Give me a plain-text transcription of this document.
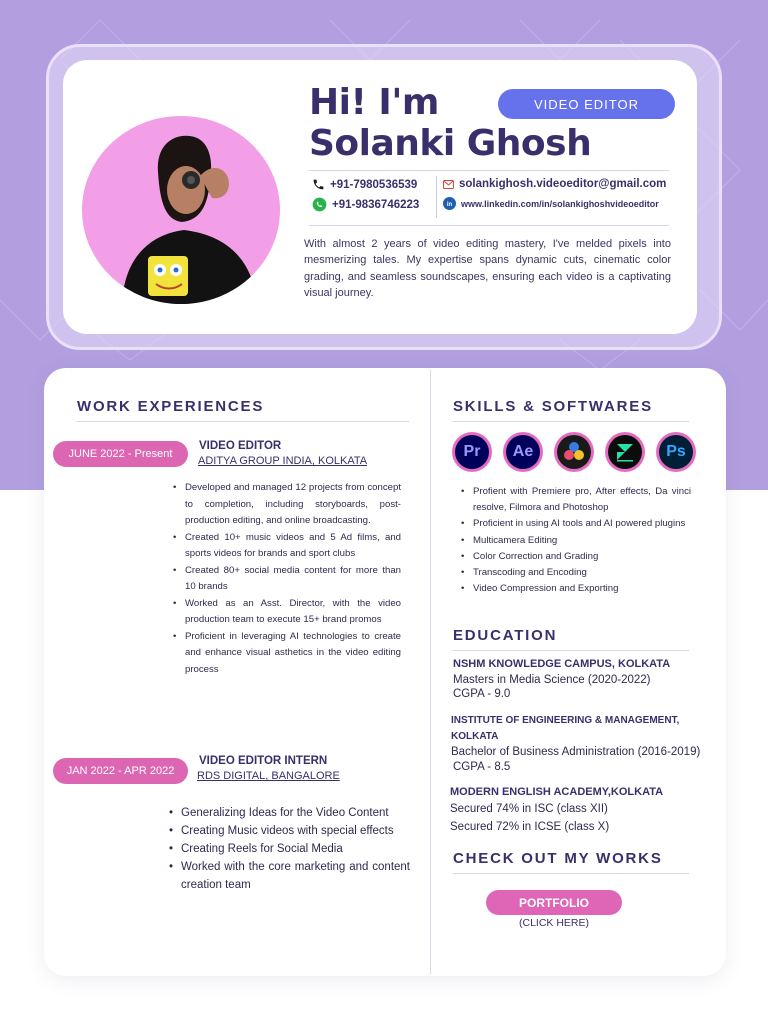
Hi! I'm
Solanki Ghosh
VIDEO EDITOR
+91-7980536539
+91-9836746223
solankighosh.videoeditor@gmail.com
in www.linkedin.com/in/solankighoshvideoeditor

With almost 2 years of video editing mastery, I've melded pixels into mesmerizing tales. My expertise spans dynamic cuts, cinematic color grading, and seamless soundscapes, ensuring each video is a captivating visual journey.

WORK EXPERIENCES
JUNE 2022 - Present
VIDEO EDITOR
ADITYA GROUP INDIA, KOLKATA
• Developed and managed 12 projects from concept to completion, including storyboards, post-production editing, and online broadcasting.
• Created 10+ music videos and 5 Ad films, and sports videos for brands and sport clubs
• Created 80+ social media content for more than 10 brands
• Worked as an Asst. Director, with the video production team to execute 15+ brand promos
• Proficient in leveraging AI technologies to create and enhance visual asthetics in the video editing process
JAN 2022 - APR 2022
VIDEO EDITOR INTERN
RDS DIGITAL, BANGALORE
• Generalizing Ideas for the Video Content
• Creating Music videos with special effects
• Creating Reels for Social Media
• Worked with the core marketing and content creation team
SKILLS & SOFTWARES
Pr	Ae	Ps
• Profient with Premiere pro, After effects, Da vinci resolve, Filmora and Photoshop
• Proficient in using AI tools and AI powered plugins
• Multicamera Editing
• Color Correction and Grading
• Transcoding and Encoding
• Video Compression and Exporting
EDUCATION
NSHM KNOWLEDGE CAMPUS, KOLKATA
Masters in Media Science (2020-2022)
CGPA - 9.0
INSTITUTE OF ENGINEERING & MANAGEMENT,
KOLKATA
Bachelor of Business Administration (2016-2019)
CGPA - 8.5
MODERN ENGLISH ACADEMY,KOLKATA
Secured 74% in ISC (class XII)
Secured 72% in ICSE (class X)
CHECK OUT MY WORKS
PORTFOLIO
(CLICK HERE)
